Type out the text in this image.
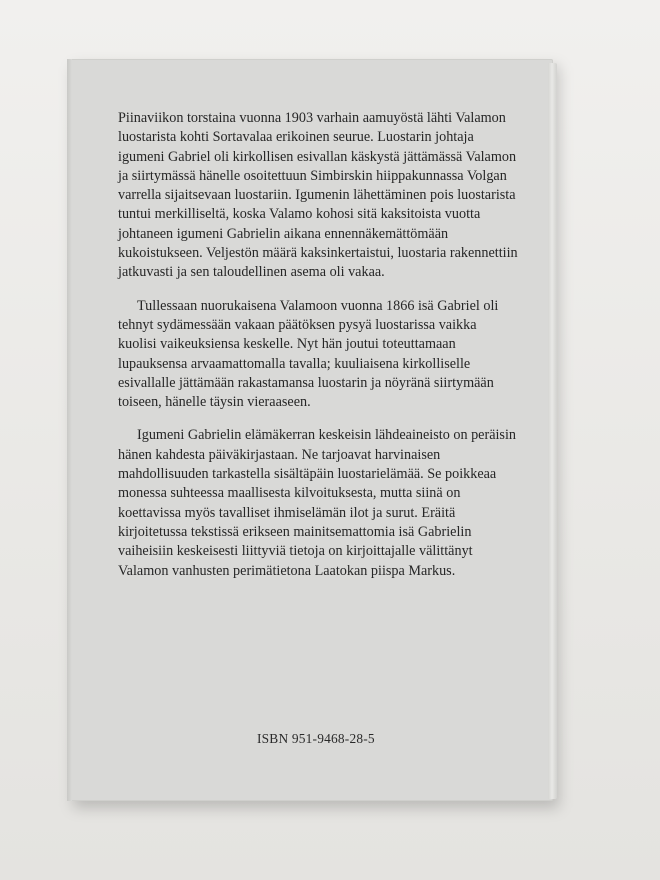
Piinaviikon torstaina vuonna 1903 varhain aamuyöstä lähti Valamon luostarista kohti Sortavalaa erikoinen seurue. Luostarin johtaja igumeni Gabriel oli kirkollisen esivallan käskystä jättämässä Valamon ja siirtymässä hänelle osoitettuun Simbirskin hiippakunnassa Volgan varrella sijaitsevaan luostariin. Igumenin lähettäminen pois luostarista tuntui merkilliseltä, koska Valamo kohosi sitä kaksitoista vuotta johtaneen igumeni Gabrielin aikana ennennäkemättömään kukoistukseen. Veljestön määrä kaksinkertaistui, luostaria rakennettiin jatkuvasti ja sen taloudellinen asema oli vakaa.

Tullessaan nuorukaisena Valamoon vuonna 1866 isä Gabriel oli tehnyt sydämessään vakaan päätöksen pysyä luostarissa vaikka kuolisi vaikeuksiensa keskelle. Nyt hän joutui toteuttamaan lupauksensa arvaamattomalla tavalla; kuuliaisena kirkolliselle esivallalle jättämään rakastamansa luostarin ja nöyränä siirtymään toiseen, hänelle täysin vieraaseen.

Igumeni Gabrielin elämäkerran keskeisin lähdeaineisto on peräisin hänen kahdesta päiväkirjastaan. Ne tarjoavat harvinaisen mahdollisuuden tarkastella sisältäpäin luostarielämää. Se poikkeaa monessa suhteessa maallisesta kilvoituksesta, mutta siinä on koettavissa myös tavalliset ihmiselämän ilot ja surut. Eräitä kirjoitetussa tekstissä erikseen mainitsemattomia isä Gabrielin vaiheisiin keskeisesti liittyviä tietoja on kirjoittajalle välittänyt Valamon vanhusten perimätietona Laatokan piispa Markus.

ISBN 951-9468-28-5
